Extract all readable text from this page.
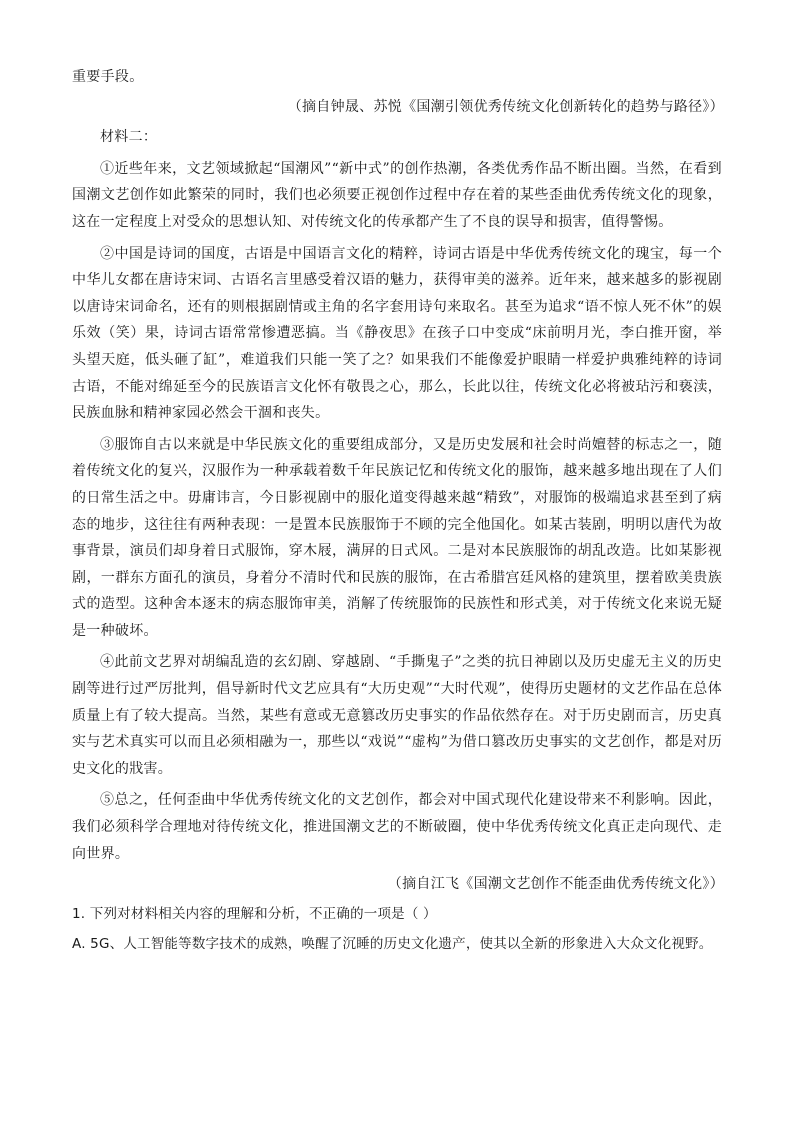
重要手段。

（摘自钟晟、苏悦《国潮引领优秀传统文化创新转化的趋势与路径》）

材料二：

①近些年来，文艺领域掀起“国潮风”“新中式”的创作热潮，各类优秀作品不断出圈。当然，在看到国潮文艺创作如此繁荣的同时，我们也必须要正视创作过程中存在着的某些歪曲优秀传统文化的现象，这在一定程度上对受众的思想认知、对传统文化的传承都产生了不良的误导和损害，值得警惕。

②中国是诗词的国度，古语是中国语言文化的精粹，诗词古语是中华优秀传统文化的瑰宝，每一个中华儿女都在唐诗宋词、古语名言里感受着汉语的魅力，获得审美的滋养。近年来，越来越多的影视剧以唐诗宋词命名，还有的则根据剧情或主角的名字套用诗句来取名。甚至为追求“语不惊人死不休”的娱乐效（笑）果，诗词古语常常惨遭恶搞。当《静夜思》在孩子口中变成“床前明月光，李白推开窗，举头望天庭，低头砸了缸”，难道我们只能一笑了之？如果我们不能像爱护眼睛一样爱护典雅纯粹的诗词古语，不能对绵延至今的民族语言文化怀有敬畏之心，那么，长此以往，传统文化必将被玷污和亵渎，民族血脉和精神家园必然会干涸和丧失。

③服饰自古以来就是中华民族文化的重要组成部分，又是历史发展和社会时尚嬗替的标志之一，随着传统文化的复兴，汉服作为一种承载着数千年民族记忆和传统文化的服饰，越来越多地出现在了人们的日常生活之中。毋庸讳言，今日影视剧中的服化道变得越来越“精致”，对服饰的极端追求甚至到了病态的地步，这往往有两种表现：一是置本民族服饰于不顾的完全他国化。如某古装剧，明明以唐代为故事背景，演员们却身着日式服饰，穿木屐，满屏的日式风。二是对本民族服饰的胡乱改造。比如某影视剧，一群东方面孔的演员，身着分不清时代和民族的服饰，在古希腊宫廷风格的建筑里，摆着欧美贵族式的造型。这种舍本逐末的病态服饰审美，消解了传统服饰的民族性和形式美，对于传统文化来说无疑是一种破坏。

④此前文艺界对胡编乱造的玄幻剧、穿越剧、“手撕鬼子”之类的抗日神剧以及历史虚无主义的历史剧等进行过严厉批判，倡导新时代文艺应具有“大历史观”“大时代观”，使得历史题材的文艺作品在总体质量上有了较大提高。当然，某些有意或无意篡改历史事实的作品依然存在。对于历史剧而言，历史真实与艺术真实可以而且必须相融为一，那些以“戏说”“虚构”为借口篡改历史事实的文艺创作，都是对历史文化的戕害。

⑤总之，任何歪曲中华优秀传统文化的文艺创作，都会对中国式现代化建设带来不利影响。因此，我们必须科学合理地对待传统文化，推进国潮文艺的不断破圈，使中华优秀传统文化真正走向现代、走向世界。

（摘自江飞《国潮文艺创作不能歪曲优秀传统文化》）

1. 下列对材料相关内容的理解和分析，不正确的一项是（ ）

A. 5G、人工智能等数字技术的成熟，唤醒了沉睡的历史文化遗产，使其以全新的形象进入大众文化视野。
